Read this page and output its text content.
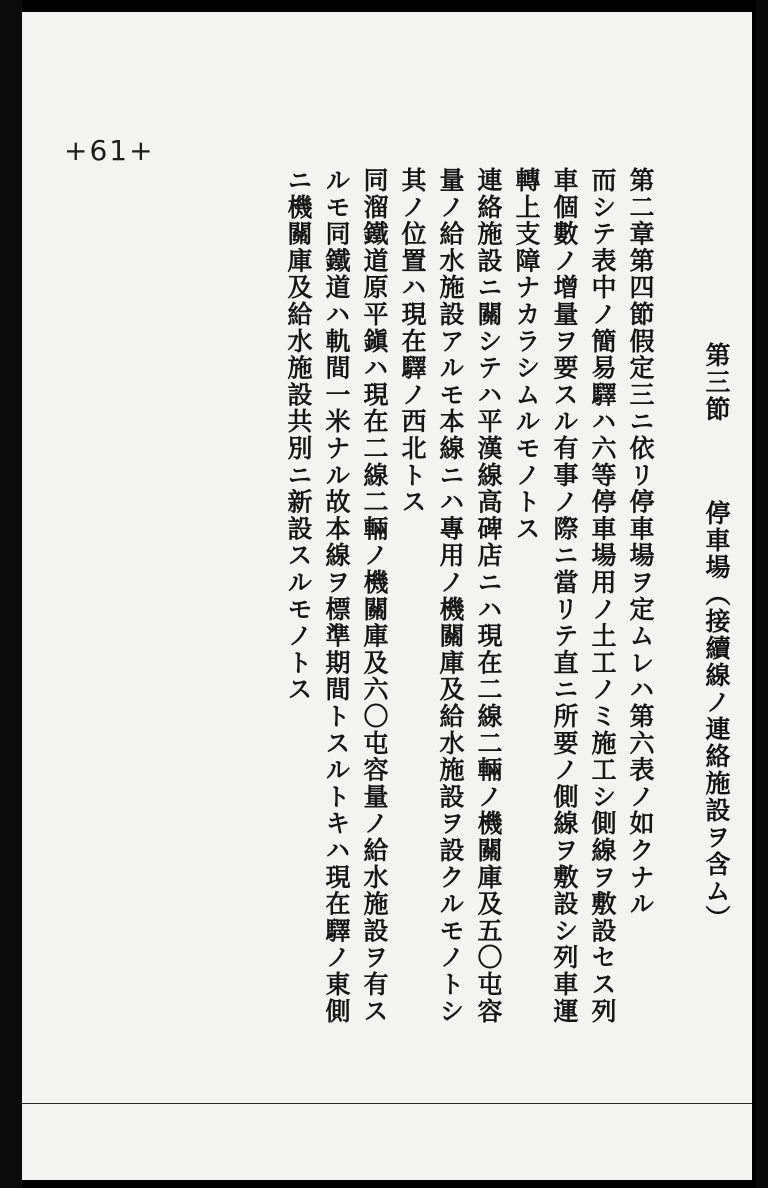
+61+
第三節 停車場（接續線ノ連絡施設ヲ含ム）
第二章第四節假定三ニ依リ停車場ヲ定ムレハ第六表ノ如クナル
而シテ表中ノ簡易驛ハ六等停車場用ノ土工ノミ施工シ側線ヲ敷設セス列
車個數ノ增量ヲ要スル有事ノ際ニ當リテ直ニ所要ノ側線ヲ敷設シ列車運
轉上支障ナカラシムルモノトス
連絡施設ニ關シテハ平漢線高碑店ニハ現在二線二輛ノ機關庫及五〇屯容
量ノ給水施設アルモ本線ニハ專用ノ機關庫及給水施設ヲ設クルモノトシ
其ノ位置ハ現在驛ノ西北トス
同溜鐵道原平鎭ハ現在二線二輛ノ機關庫及六〇屯容量ノ給水施設ヲ有ス
ルモ同鐵道ハ軌間一米ナル故本線ヲ標準期間トスルトキハ現在驛ノ東側
ニ機關庫及給水施設共別ニ新設スルモノトス
